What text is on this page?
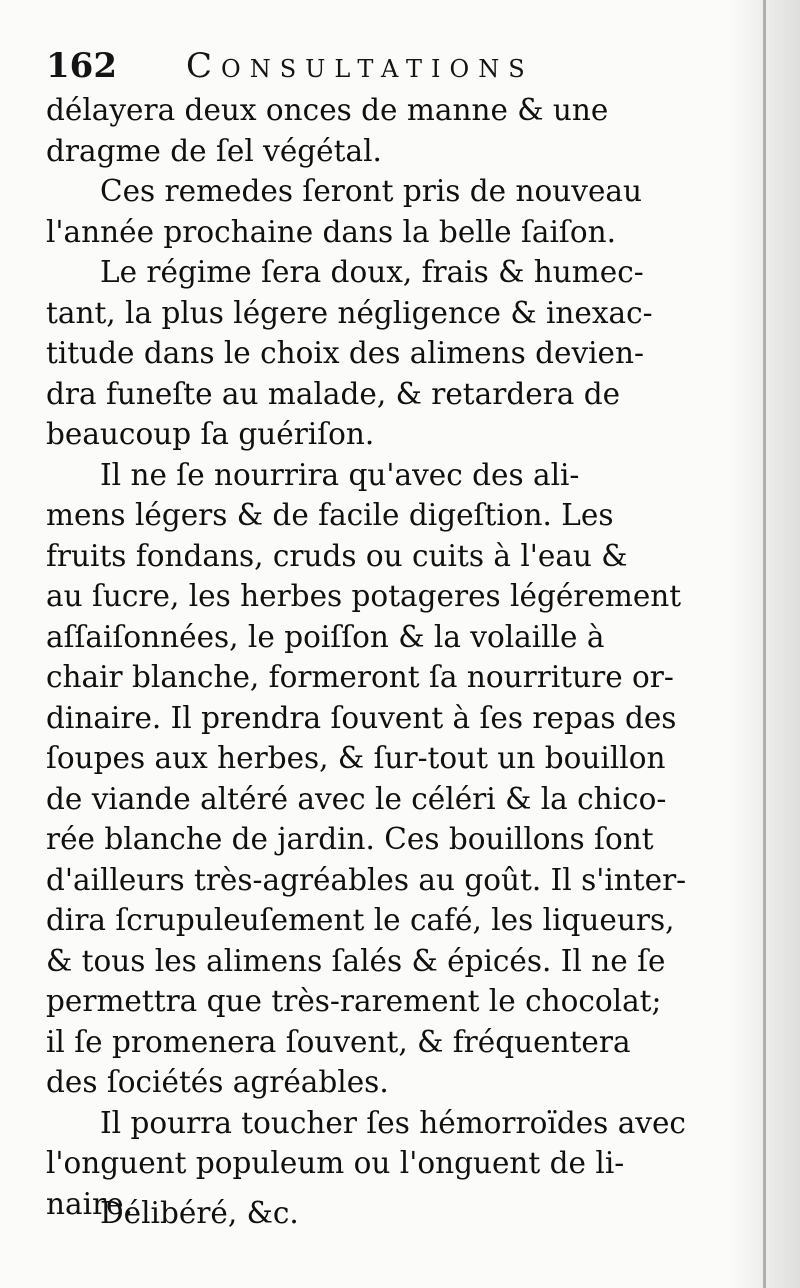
162 Consultations
délayera deux onces de manne & une
dragme de ſel végétal.
Ces remedes ſeront pris de nouveau
l'année prochaine dans la belle ſaiſon.
Le régime ſera doux, frais & humec-
tant, la plus légere négligence & inexac-
titude dans le choix des alimens devien-
dra funeſte au malade, & retardera de
beaucoup ſa guériſon.
Il ne ſe nourrira qu'avec des ali-
mens légers & de facile digeſtion. Les
fruits fondans, cruds ou cuits à l'eau &
au ſucre, les herbes potageres légérement
aſſaiſonnées, le poiſſon & la volaille à
chair blanche, formeront ſa nourriture or-
dinaire. Il prendra ſouvent à ſes repas des
ſoupes aux herbes, & ſur-tout un bouillon
de viande altéré avec le céléri & la chico-
rée blanche de jardin. Ces bouillons ſont
d'ailleurs très-agréables au goût. Il s'inter-
dira ſcrupuleuſement le café, les liqueurs,
& tous les alimens ſalés & épicés. Il ne ſe
permettra que très-rarement le chocolat;
il ſe promenera ſouvent, & fréquentera
des ſociétés agréables.
Il pourra toucher ſes hémorroïdes avec
l'onguent populeum ou l'onguent de li-
naire.
Délibéré, &c.
